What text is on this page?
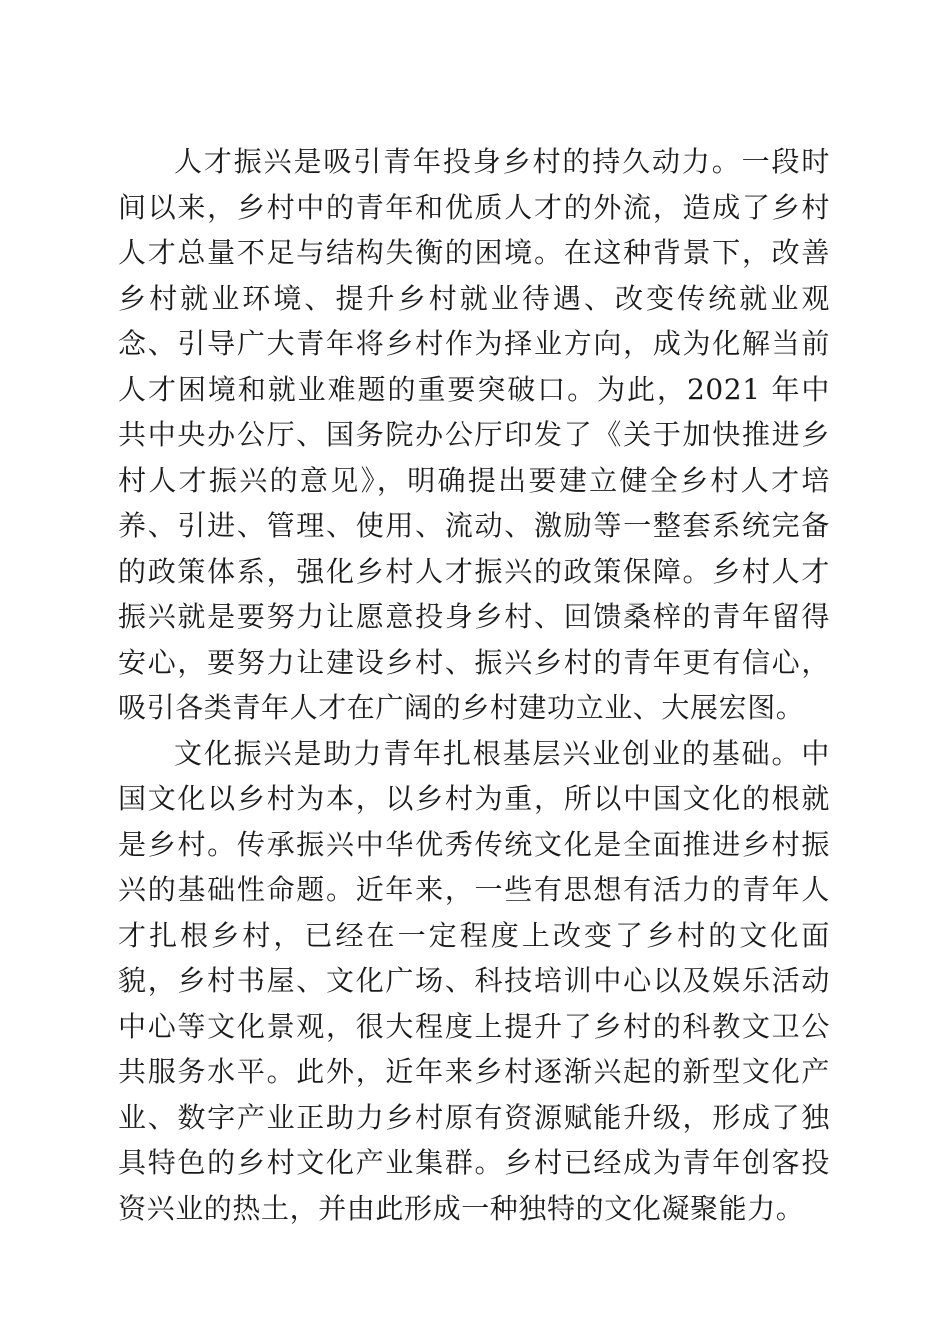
人才振兴是吸引青年投身乡村的持久动力。一段时间以来，乡村中的青年和优质人才的外流，造成了乡村人才总量不足与结构失衡的困境。在这种背景下，改善乡村就业环境、提升乡村就业待遇、改变传统就业观念、引导广大青年将乡村作为择业方向，成为化解当前人才困境和就业难题的重要突破口。为此，2021 年中共中央办公厅、国务院办公厅印发了《关于加快推进乡村人才振兴的意见》，明确提出要建立健全乡村人才培养、引进、管理、使用、流动、激励等一整套系统完备的政策体系，强化乡村人才振兴的政策保障。乡村人才振兴就是要努力让愿意投身乡村、回馈桑梓的青年留得安心，要努力让建设乡村、振兴乡村的青年更有信心，吸引各类青年人才在广阔的乡村建功立业、大展宏图。

文化振兴是助力青年扎根基层兴业创业的基础。中国文化以乡村为本，以乡村为重，所以中国文化的根就是乡村。传承振兴中华优秀传统文化是全面推进乡村振兴的基础性命题。近年来，一些有思想有活力的青年人才扎根乡村，已经在一定程度上改变了乡村的文化面貌，乡村书屋、文化广场、科技培训中心以及娱乐活动中心等文化景观，很大程度上提升了乡村的科教文卫公共服务水平。此外，近年来乡村逐渐兴起的新型文化产业、数字产业正助力乡村原有资源赋能升级，形成了独具特色的乡村文化产业集群。乡村已经成为青年创客投资兴业的热土，并由此形成一种独特的文化凝聚能力。
